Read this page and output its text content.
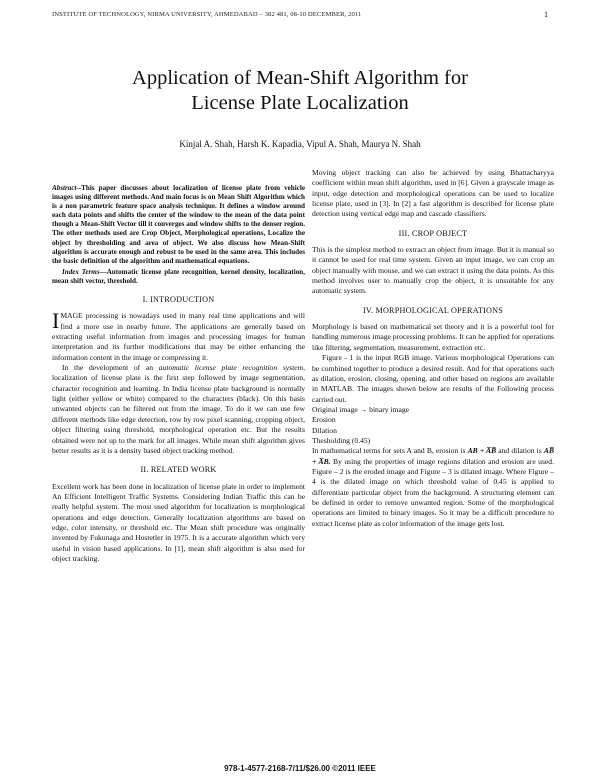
INSTITUTE OF TECHNOLOGY, NIRMA UNIVERSITY, AHMEDABAD – 382 481, 08-10 DECEMBER, 2011	1
Application of Mean-Shift Algorithm for
License Plate Localization
Kinjal A. Shah, Harsh K. Kapadia, Vipul A. Shah, Maurya N. Shah

Abstract--This paper discusses about localization of license plate from vehicle images using different methods. And main focus is on Mean Shift Algorithm which is a non parametric feature space analysis technique. It defines a window around each data points and shifts the center of the window to the mean of the data point though a Mean-Shift Vector till it converges and window shifts to the denser region. The other methods used are Crop Object, Morphological operations, Localize the object by thresholding and area of object. We also discuss how Mean-Shift algorithm is accurate enough and robust to be used in the same area. This includes the basic definition of the algorithm and mathematical equations.

Index Terms—Automatic license plate recognition, kernel density, localization, mean shift vector, threshold.

I. INTRODUCTION

IMAGE processing is nowadays used in many real time applications and will find a more use in nearby future. The applications are generally based on extracting useful information from images and processing images for human interpretation and its further modifications that may be either enhancing the information content in the image or compressing it.

In the development of an automatic license plate recognition system, localization of license plate is the first step followed by image segmentation, character recognition and learning. In India license plate background is normally light (either yellow or white) compared to the characters (black). On this basis unwanted objects can be filtered out from the image. To do it we can use few different methods like edge detection, row by row pixel scanning, cropping object, object filtering using threshold, morphological operation etc. But the results obtained were not up to the mark for all images. While mean shift algorithm gives better results as it is a density based object tracking method.

II. RELATED WORK

Excellent work has been done in localization of license plate in order to implement An Efficient Intelligent Traffic Systems. Considering Indian Traffic this can be really helpful system. The most used algorithm for localization is morphological operations and edge detection. Generally localization algorithms are based on edge, color intensity, or threshold etc. The Mean shift procedure was originally invented by Fukunaga and Hostetler in 1975. It is a accurate algorithm which very useful in vision based applications. In [1], mean shift algorithm is also used for object tracking.

Moving object tracking can also be achieved by using Bhattacharyya coefficient within mean shift algorithm, used in [6]. Given a grayscale image as input, edge detection and morphological operations can be used to localize license plate, used in [3]. In [2] a fast algorithm is described for license plate detection using vertical edge map and cascade classifiers.

III. CROP OBJECT

This is the simplest method to extract an object from image. But it is manual so it cannot be used for real time system. Given an input image, we can crop an object manually with mouse, and we can extract it using the data points. As this method involves user to manually crop the object, it is unsuitable for any automatic system.

IV. MORPHOLOGICAL OPERATIONS

Morphology is based on mathematical set theory and it is a powerful tool for handling numerous image processing problems. It can be applied for operations like filtering, segmentation, measurement, extraction etc.

Figure - 1 is the input RGB image. Various morphological Operations can be combined together to produce a desired result. And for that operations such as dilation, erosion, closing, opening, and other based on regions are available in MATLAB. The images shown below are results of the Following process carried out.

Original image → binary image
Erosion
Dilation
Thesholding (0.45)

In mathematical terms for sets A and B, erosion is AB + A̅B̅ and dilation is AB̅ + A̅B. By using the properties of image regions dilation and erosion are used. Figure – 2 is the eroded image and Figure – 3 is dilated image. Where Figure – 4 is the dilated image on which threshold value of 0.45 is applied to differentiate particular object from the background. A structuring element can be defined in order to remove unwanted region. Some of the morphological operations are limited to binary images. So it may be a difficult procedure to extract license plate as color information of the image gets lost.

978-1-4577-2168-7/11/$26.00 ©2011 IEEE
